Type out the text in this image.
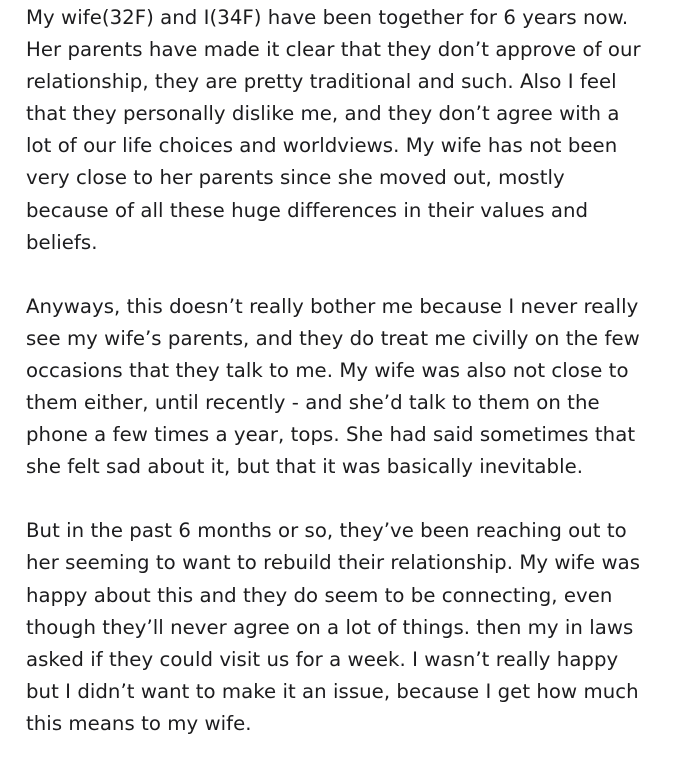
My wife(32F) and I(34F) have been together for 6 years now.
Her parents have made it clear that they don’t approve of our
relationship, they are pretty traditional and such. Also I feel
that they personally dislike me, and they don’t agree with a
lot of our life choices and worldviews. My wife has not been
very close to her parents since she moved out, mostly
because of all these huge differences in their values and
beliefs.

Anyways, this doesn’t really bother me because I never really
see my wife’s parents, and they do treat me civilly on the few
occasions that they talk to me. My wife was also not close to
them either, until recently - and she’d talk to them on the
phone a few times a year, tops. She had said sometimes that
she felt sad about it, but that it was basically inevitable.

But in the past 6 months or so, they’ve been reaching out to
her seeming to want to rebuild their relationship. My wife was
happy about this and they do seem to be connecting, even
though they’ll never agree on a lot of things. then my in laws
asked if they could visit us for a week. I wasn’t really happy
but I didn’t want to make it an issue, because I get how much
this means to my wife.
